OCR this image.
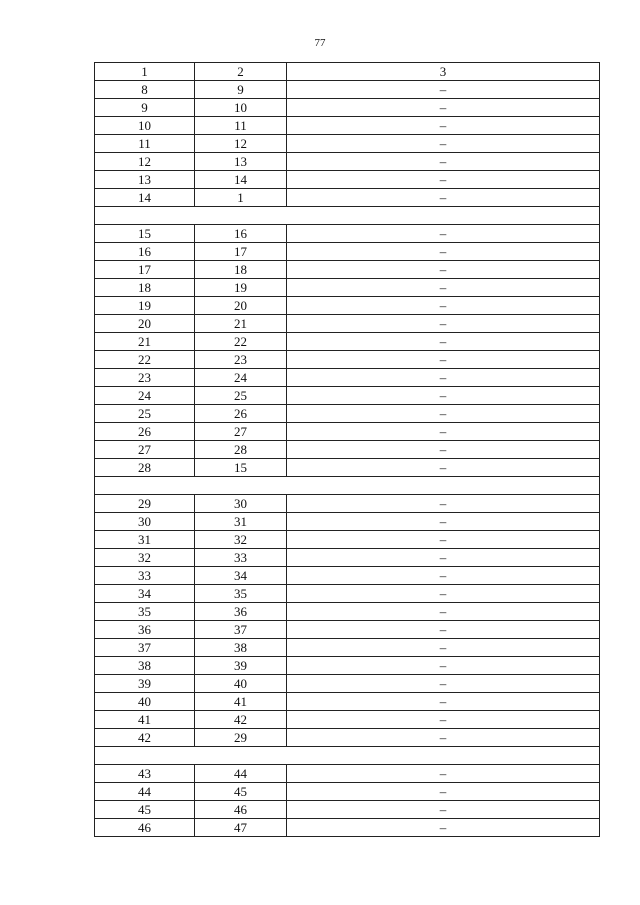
77
1	2	3
8	9	–
9	10	–
10	11	–
11	12	–
12	13	–
13	14	–
14	1	–

15	16	–
16	17	–
17	18	–
18	19	–
19	20	–
20	21	–
21	22	–
22	23	–
23	24	–
24	25	–
25	26	–
26	27	–
27	28	–
28	15	–

29	30	–
30	31	–
31	32	–
32	33	–
33	34	–
34	35	–
35	36	–
36	37	–
37	38	–
38	39	–
39	40	–
40	41	–
41	42	–
42	29	–

43	44	–
44	45	–
45	46	–
46	47	–
